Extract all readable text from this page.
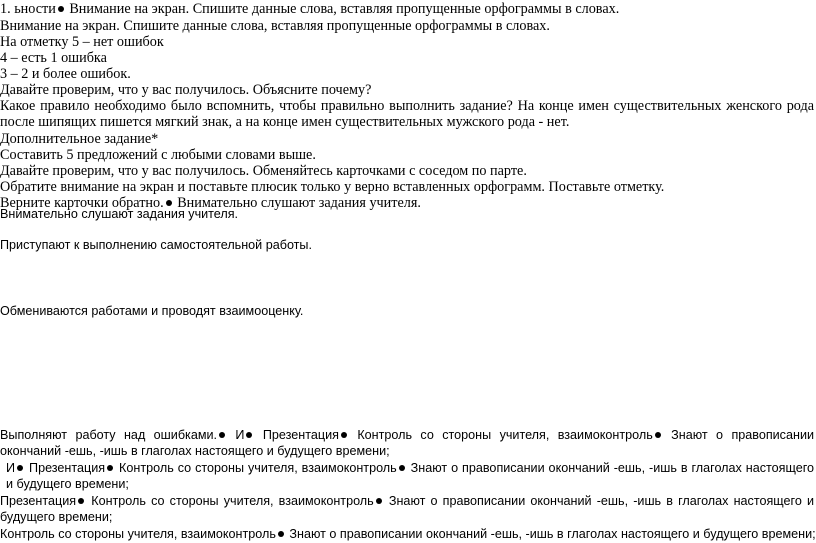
1. ьности Внимание на экран. Спишите данные слова, вставляя пропущенные орфограммы в словах.

Внимание на экран. Спишите данные слова, вставляя пропущенные орфограммы в словах.

На отметку 5 – нет ошибок

4 – есть 1 ошибка

3 – 2 и более ошибок.

Давайте проверим, что у вас получилось. Объясните почему?

Какое правило необходимо было вспомнить, чтобы правильно выполнить задание? На конце имен существительных женского рода после шипящих пишется мягкий знак, а на конце имен существительных мужского рода - нет.

Дополнительное задание*

Составить 5 предложений с любыми словами выше.

Давайте проверим, что у вас получилось. Обменяйтесь карточками с соседом по парте.

Обратите внимание на экран и поставьте плюсик только у верно вставленных орфограмм. Поставьте отметку.

Верните карточки обратно. Внимательно слушают задания учителя.

Внимательно слушают задания учителя.

Приступают к выполнению самостоятельной работы.

Обмениваются работами и проводят взаимооценку.

Выполняют работу над ошибками. И Презентация Контроль со стороны учителя, взаимоконтроль Знают о правописании окончаний -ешь, -ишь в глаголах настоящего и будущего времени;

И Презентация Контроль со стороны учителя, взаимоконтроль Знают о правописании окончаний -ешь, -ишь в глаголах настоящего и будущего времени;

Презентация Контроль со стороны учителя, взаимоконтроль Знают о правописании окончаний -ешь, -ишь в глаголах настоящего и будущего времени;

Контроль со стороны учителя, взаимоконтроль Знают о правописании окончаний -ешь, -ишь в глаголах настоящего и будущего времени;
